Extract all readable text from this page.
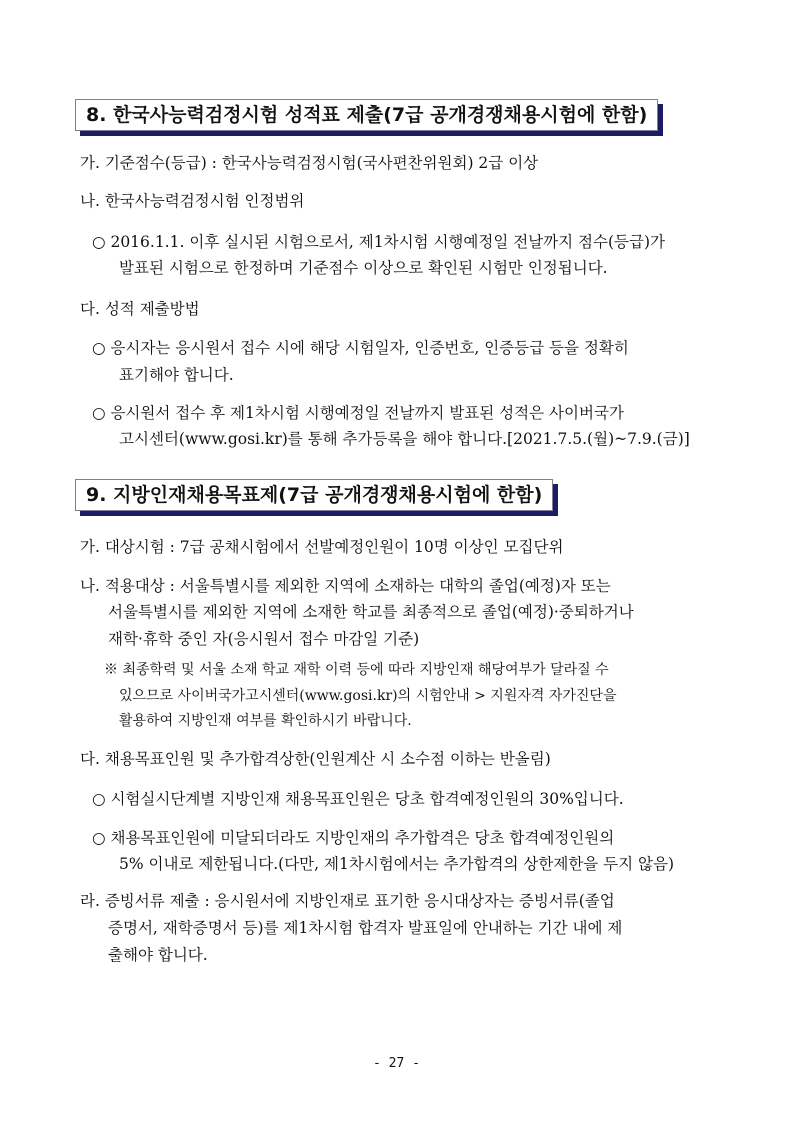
8. 한국사능력검정시험 성적표 제출(7급 공개경쟁채용시험에 한함)
가. 기준점수(등급) : 한국사능력검정시험(국사편찬위원회) 2급 이상
나. 한국사능력검정시험 인정범위
○ 2016.1.1. 이후 실시된 시험으로서, 제1차시험 시행예정일 전날까지 점수(등급)가
발표된 시험으로 한정하며 기준점수 이상으로 확인된 시험만 인정됩니다.
다. 성적 제출방법
○ 응시자는 응시원서 접수 시에 해당 시험일자, 인증번호, 인증등급 등을 정확히
표기해야 합니다.
○ 응시원서 접수 후 제1차시험 시행예정일 전날까지 발표된 성적은 사이버국가
고시센터(www.gosi.kr)를 통해 추가등록을 해야 합니다.[2021.7.5.(월)~7.9.(금)]
9. 지방인재채용목표제(7급 공개경쟁채용시험에 한함)
가. 대상시험 : 7급 공채시험에서 선발예정인원이 10명 이상인 모집단위
나. 적용대상 : 서울특별시를 제외한 지역에 소재하는 대학의 졸업(예정)자 또는
서울특별시를 제외한 지역에 소재한 학교를 최종적으로 졸업(예정)·중퇴하거나
재학·휴학 중인 자(응시원서 접수 마감일 기준)
※ 최종학력 및 서울 소재 학교 재학 이력 등에 따라 지방인재 해당여부가 달라질 수
있으므로 사이버국가고시센터(www.gosi.kr)의 시험안내 > 지원자격 자가진단을
활용하여 지방인재 여부를 확인하시기 바랍니다.
다. 채용목표인원 및 추가합격상한(인원계산 시 소수점 이하는 반올림)
○ 시험실시단계별 지방인재 채용목표인원은 당초 합격예정인원의 30%입니다.
○ 채용목표인원에 미달되더라도 지방인재의 추가합격은 당초 합격예정인원의
5% 이내로 제한됩니다.(다만, 제1차시험에서는 추가합격의 상한제한을 두지 않음)
라. 증빙서류 제출 : 응시원서에 지방인재로 표기한 응시대상자는 증빙서류(졸업
증명서, 재학증명서 등)를 제1차시험 합격자 발표일에 안내하는 기간 내에 제
출해야 합니다.
- 27 -
